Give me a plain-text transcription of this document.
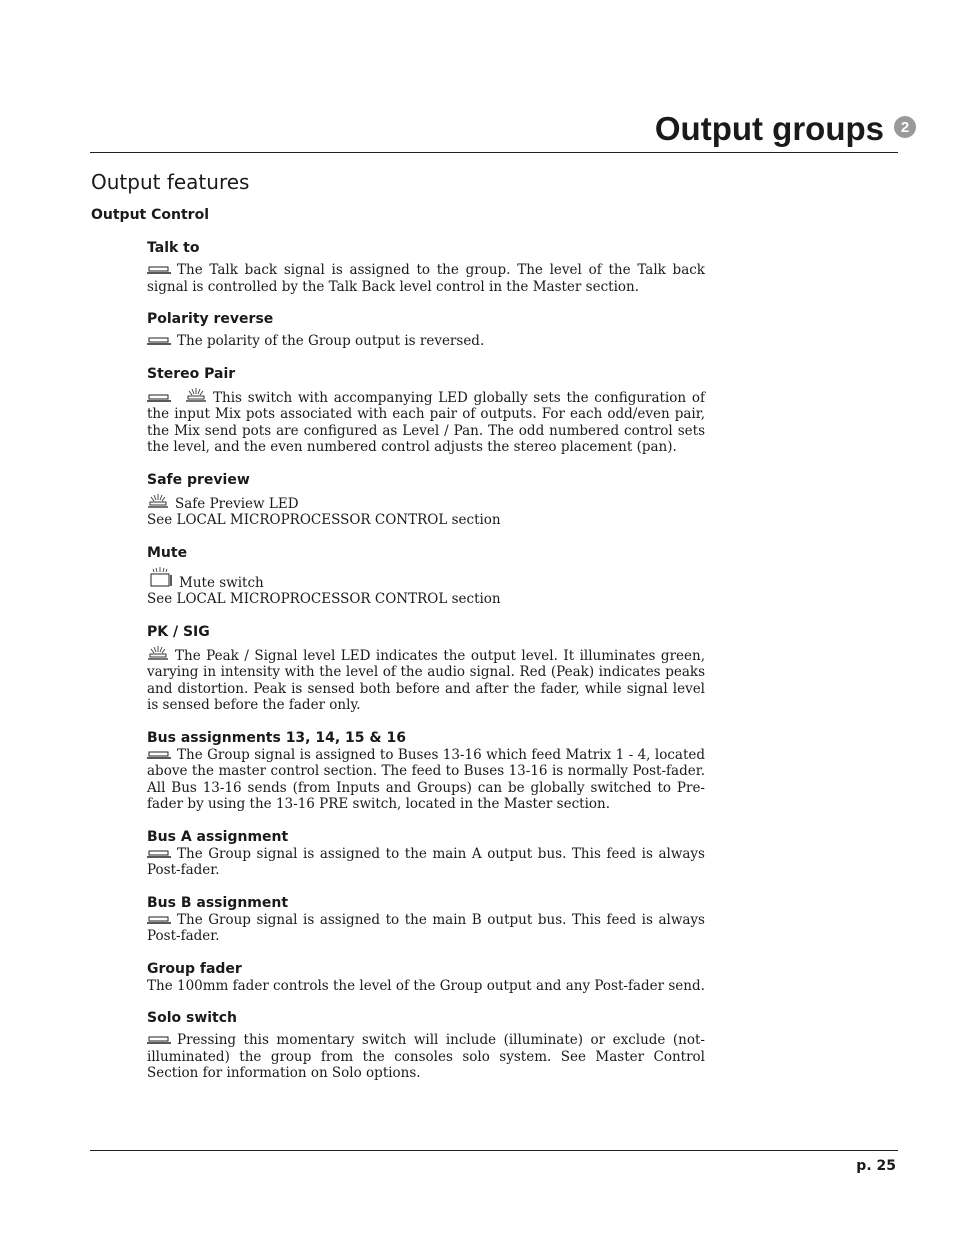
Output groups	2
Output features
Output Control
Talk to

The Talk back signal is assigned to the group. The level of the Talk back signal is controlled by the Talk Back level control in the Master section.

Polarity reverse

The polarity of the Group output is reversed.

Stereo Pair

This switch with accompanying LED globally sets the configuration of the input Mix pots associated with each pair of outputs. For each odd/even pair, the Mix send pots are configured as Level / Pan. The odd numbered control sets the level, and the even numbered control adjusts the stereo placement (pan).

Safe preview

Safe Preview LED

See LOCAL MICROPROCESSOR CONTROL section

Mute

Mute switch

See LOCAL MICROPROCESSOR CONTROL section

PK / SIG

The Peak / Signal level LED indicates the output level. It illuminates green, varying in intensity with the level of the audio signal. Red (Peak) indicates peaks and distortion. Peak is sensed both before and after the fader, while signal level is sensed before the fader only.

Bus assignments 13, 14, 15 & 16

The Group signal is assigned to Buses 13-16 which feed Matrix 1 - 4, located above the master control section. The feed to Buses 13-16 is normally Post-fader. All Bus 13-16 sends (from Inputs and Groups) can be globally switched to Pre-fader by using the 13-16 PRE switch, located in the Master section.

Bus A assignment

The Group signal is assigned to the main A output bus. This feed is always Post-fader.

Bus B assignment

The Group signal is assigned to the main B output bus. This feed is always Post-fader.

Group fader

The 100mm fader controls the level of the Group output and any Post-fader send.

Solo switch

Pressing this momentary switch will include (illuminate) or exclude (not-illuminated) the group from the consoles solo system. See Master Control Section for information on Solo options.

p. 25
